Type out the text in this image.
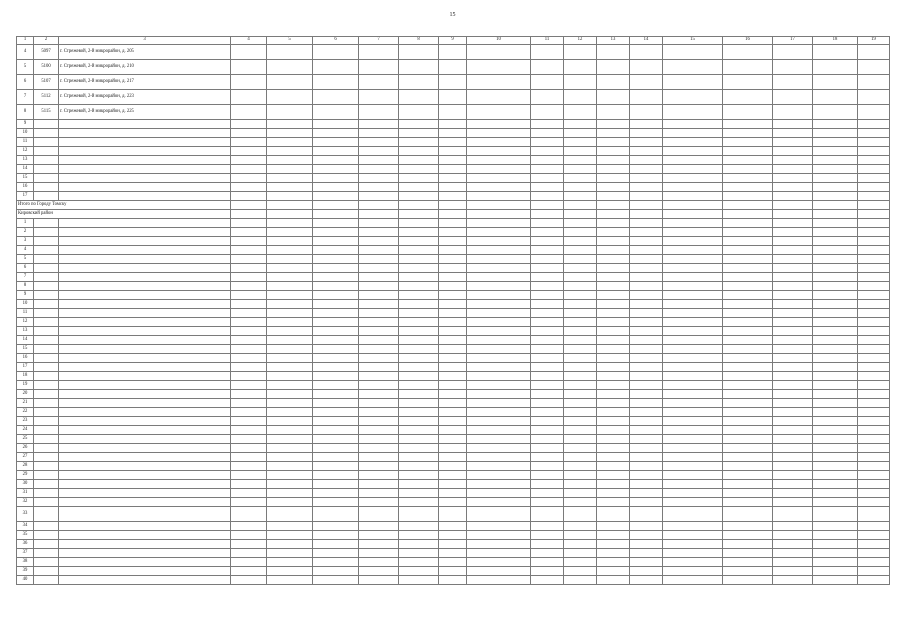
15
1	2	3	4	5	6	7	8	9	10	11	12	13	14	15	16	17	18	19
4	5097	г. Стрежевой, 2-й микрорайон, д. 205																
5	5100	г. Стрежевой, 2-й микрорайон, д. 210																
6	5107	г. Стрежевой, 2-й микрорайон, д. 217																
7	5112	г. Стрежевой, 2-й микрорайон, д. 223																
8	5115	г. Стрежевой, 2-й микрорайон, д. 225																
9																		
10																		
11																		
12																		
13																		
14																		
15																		
16																		
17																		
Итого по Городу Томску																		
Кировский район																		
1																		
2																		
3																		
4																		
5																		
6																		
7																		
8																		
9																		
10																		
11																		
12																		
13																		
14																		
15																		
16																		
17																		
18																		
19																		
20																		
21																		
22																		
23																		
24																		
25																		
26																		
27																		
28																		
29																		
30																		
31																		
32																		
33																		
34																		
35																		
36																		
37																		
38																		
39																		
40																		
